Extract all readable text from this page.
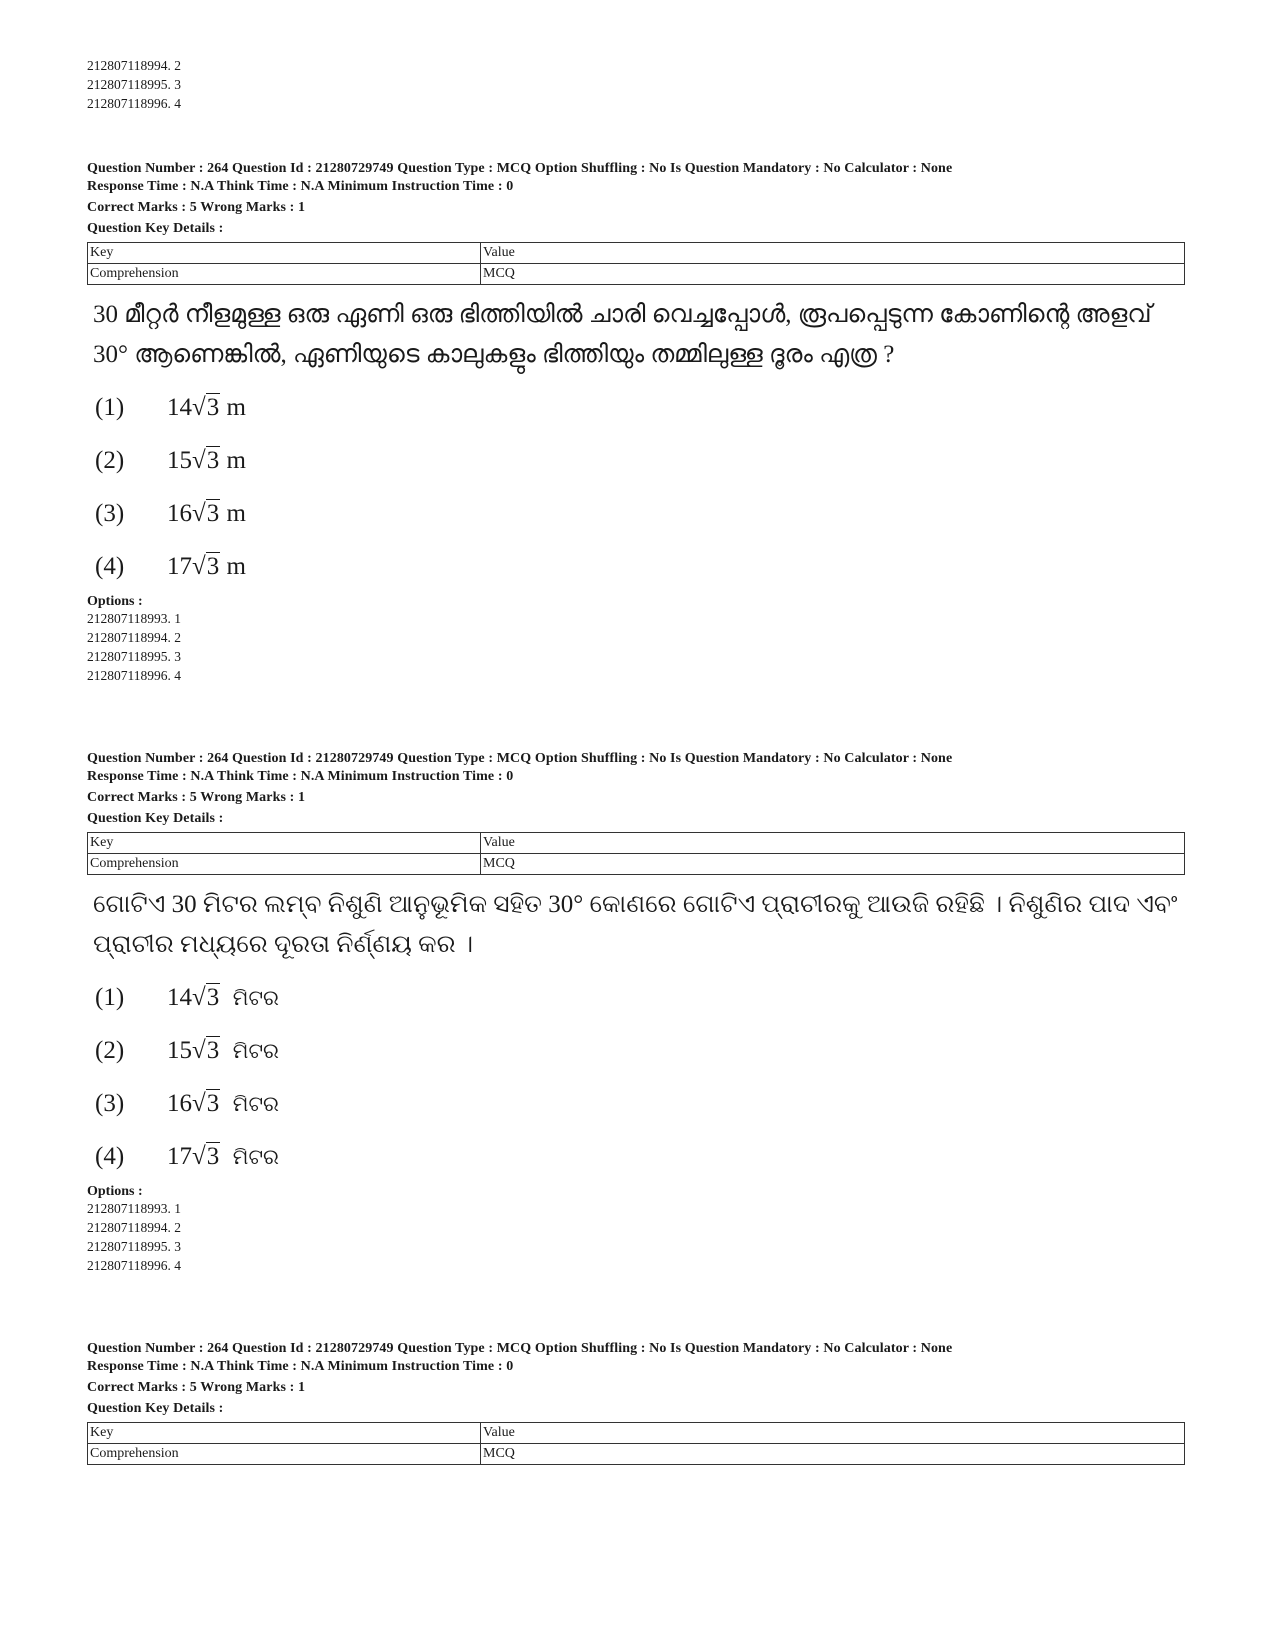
212807118994. 2
212807118995. 3
212807118996. 4
Question Number : 264 Question Id : 21280729749 Question Type : MCQ Option Shuffling : No Is Question Mandatory : No Calculator : None
Response Time : N.A Think Time : N.A Minimum Instruction Time : 0
Correct Marks : 5 Wrong Marks : 1
Question Key Details :
Key	Value
Comprehension	MCQ
30 മീറ്റർ നീളമുള്ള ഒരു ഏണി ഒരു ഭിത്തിയിൽ ചാരി വെച്ചപ്പോൾ, രൂപപ്പെടുന്ന കോണിന്റെ അളവ് 30° ആണെങ്കിൽ, ഏണിയുടെ കാലുകളും ഭിത്തിയും തമ്മിലുള്ള ദൂരം എത്ര ?
(1)	14√3 m
(2)	15√3 m
(3)	16√3 m
(4)	17√3 m
Options :
212807118993. 1
212807118994. 2
212807118995. 3
212807118996. 4
Question Number : 264 Question Id : 21280729749 Question Type : MCQ Option Shuffling : No Is Question Mandatory : No Calculator : None
Response Time : N.A Think Time : N.A Minimum Instruction Time : 0
Correct Marks : 5 Wrong Marks : 1
Question Key Details :
Key	Value
Comprehension	MCQ
ଗୋଟିଏ 30 ମିଟର ଲମ୍ବ ନିଶୁଣି ଆନୁଭୂମିକ ସହିତ 30° କୋଣରେ ଗୋଟିଏ ପ୍ରାଚୀରକୁ ଆଉଜି ରହିଛି । ନିଶୁଣିର ପାଦ ଏବଂ ପ୍ରାଚୀର ମଧ୍ୟରେ ଦୂରତା ନିର୍ଣ୍ଣୟ କର ।
(1)	14√3 ମିଟର
(2)	15√3 ମିଟର
(3)	16√3 ମିଟର
(4)	17√3 ମିଟର
Options :
212807118993. 1
212807118994. 2
212807118995. 3
212807118996. 4
Question Number : 264 Question Id : 21280729749 Question Type : MCQ Option Shuffling : No Is Question Mandatory : No Calculator : None
Response Time : N.A Think Time : N.A Minimum Instruction Time : 0
Correct Marks : 5 Wrong Marks : 1
Question Key Details :
Key	Value
Comprehension	MCQ
